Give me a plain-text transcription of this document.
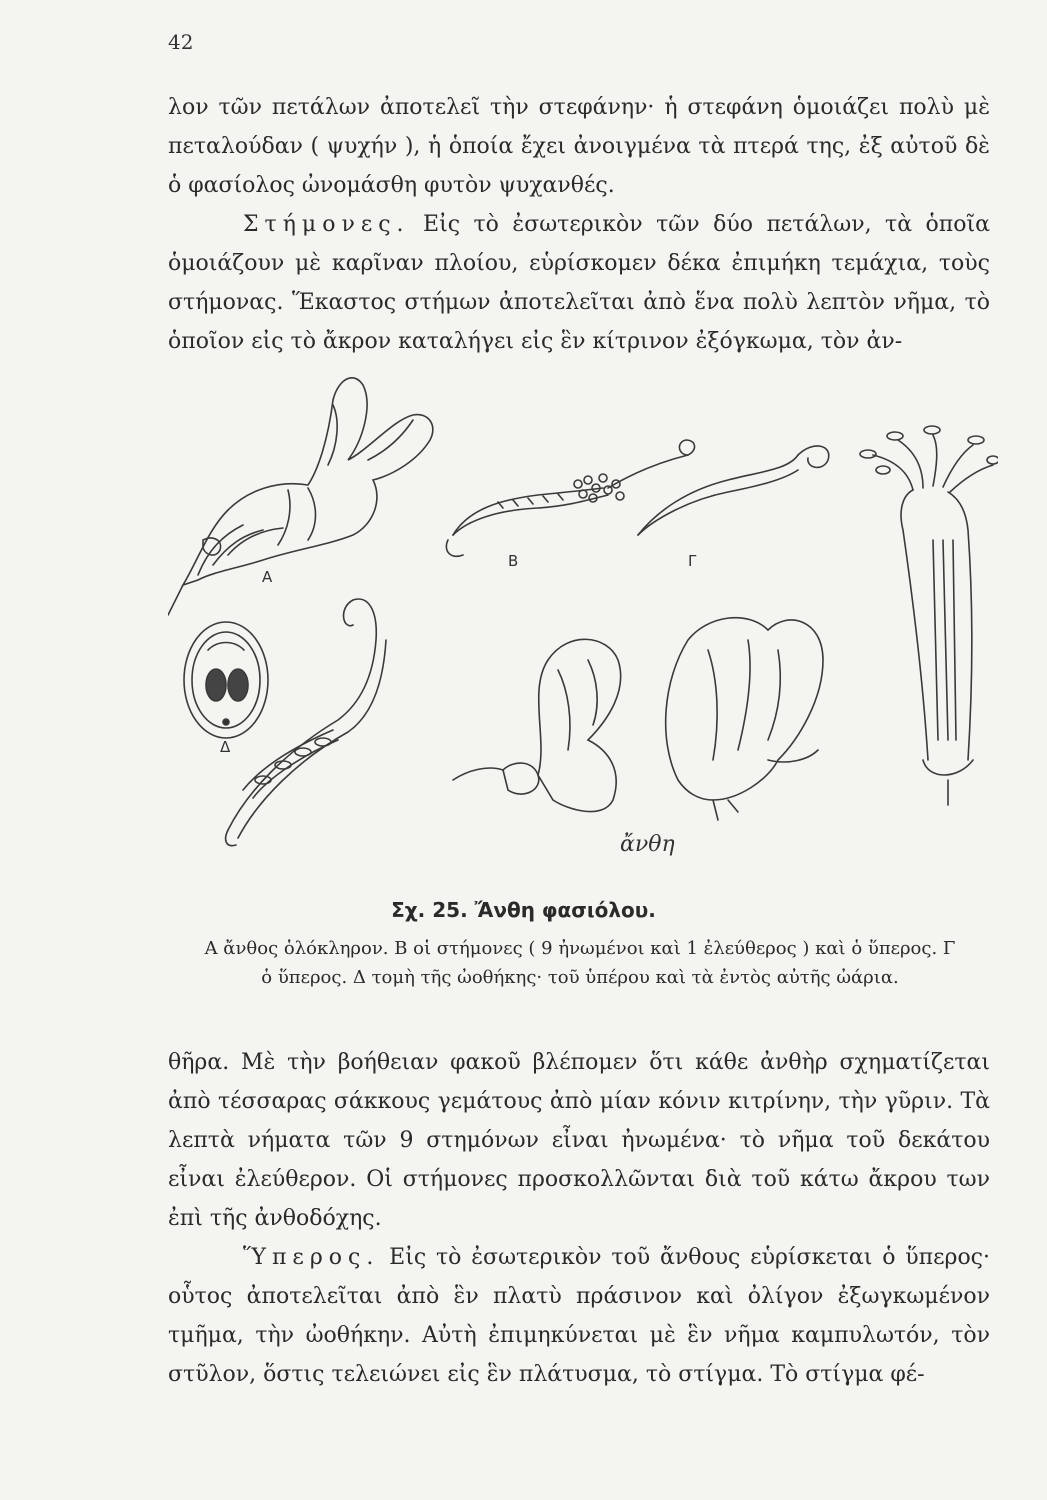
42

λον τῶν πετάλων ἀποτελεῖ τὴν στεφάνην· ἡ στεφάνη ὁμοιάζει πολὺ μὲ πεταλούδαν ( ψυχήν ), ἡ ὁποία ἔχει ἀνοιγμένα τὰ πτερά της, ἐξ αὐτοῦ δὲ ὁ φασίολος ὠνομάσθη φυτὸν ψυχανθές.

Στήμονες. Εἰς τὸ ἐσωτερικὸν τῶν δύο πετάλων, τὰ ὁποῖα ὁμοιάζουν μὲ καρῖναν πλοίου, εὑρίσκομεν δέκα ἐπιμήκη τεμάχια, τοὺς στήμονας. Ἕκαστος στήμων ἀποτελεῖται ἀπὸ ἕνα πολὺ λεπτὸν νῆμα, τὸ ὁποῖον εἰς τὸ ἄκρον καταλήγει εἰς ἓν κίτρινον ἐξόγκωμα, τὸν ἀν-

Α
Β	Γ
Δ
ἄνθη
Σχ. 25. Ἄνθη φασιόλου.
Α ἄνθος ὁλόκληρον. Β οἱ στήμονες ( 9 ἠνωμένοι καὶ 1 ἐλεύθερος ) καὶ ὁ ὕπερος. Γ ὁ ὕπερος. Δ τομὴ τῆς ὠοθήκης· τοῦ ὑπέρου καὶ τὰ ἐντὸς αὐτῆς ὠάρια.

θῆρα. Μὲ τὴν βοήθειαν φακοῦ βλέπομεν ὅτι κάθε ἀνθὴρ σχηματίζεται ἀπὸ τέσσαρας σάκκους γεμάτους ἀπὸ μίαν κόνιν κιτρίνην, τὴν γῦριν. Τὰ λεπτὰ νήματα τῶν 9 στημόνων εἶναι ἠνωμένα· τὸ νῆμα τοῦ δεκάτου εἶναι ἐλεύθερον. Οἱ στήμονες προσκολλῶνται διὰ τοῦ κάτω ἄκρου των ἐπὶ τῆς ἀνθοδόχης.

Ὕπερος. Εἰς τὸ ἐσωτερικὸν τοῦ ἄνθους εὑρίσκεται ὁ ὕπερος· οὗτος ἀποτελεῖται ἀπὸ ἓν πλατὺ πράσινον καὶ ὀλίγον ἐξωγκωμένον τμῆμα, τὴν ὠοθήκην. Αὐτὴ ἐπιμηκύνεται μὲ ἓν νῆμα καμπυλωτόν, τὸν στῦλον, ὅστις τελειώνει εἰς ἓν πλάτυσμα, τὸ στίγμα. Τὸ στίγμα φέ-
